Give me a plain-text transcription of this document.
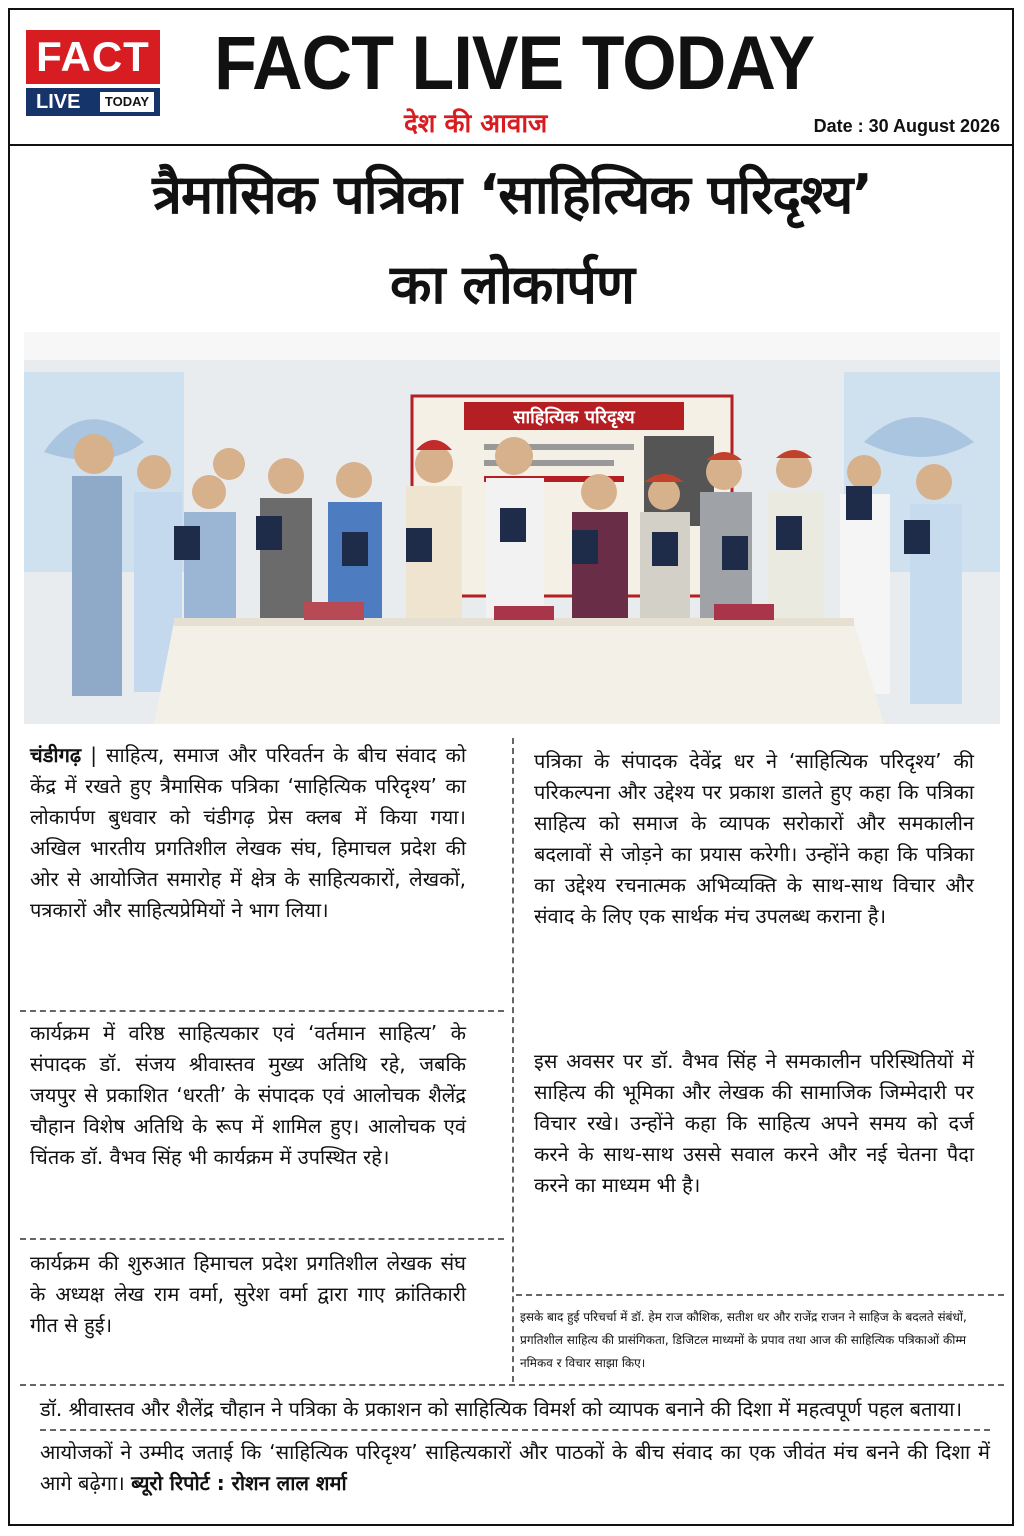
FACT
LIVE	TODAY FACT LIVE TODAY
देश की आवाज	Date : 30 August 2026
त्रैमासिक पत्रिका ‘साहित्यिक परिदृश्य’
का लोकार्पण
साहित्यिक परिदृश्य

चंडीगढ़ | साहित्य, समाज और परिवर्तन के बीच संवाद को केंद्र में रखते हुए त्रैमासिक पत्रिका ‘साहित्यिक परिदृश्य’ का लोकार्पण बुधवार को चंडीगढ़ प्रेस क्लब में किया गया। अखिल भारतीय प्रगतिशील लेखक संघ, हिमाचल प्रदेश की ओर से आयोजित समारोह में क्षेत्र के साहित्यकारों, लेखकों, पत्रकारों और साहित्यप्रेमियों ने भाग लिया।

कार्यक्रम में वरिष्ठ साहित्यकार एवं ‘वर्तमान साहित्य’ के संपादक डॉ. संजय श्रीवास्तव मुख्य अतिथि रहे, जबकि जयपुर से प्रकाशित ‘धरती’ के संपादक एवं आलोचक शैलेंद्र चौहान विशेष अतिथि के रूप में शामिल हुए। आलोचक एवं चिंतक डॉ. वैभव सिंह भी कार्यक्रम में उपस्थित रहे।

कार्यक्रम की शुरुआत हिमाचल प्रदेश प्रगतिशील लेखक संघ के अध्यक्ष लेख राम वर्मा, सुरेश वर्मा द्वारा गाए क्रांतिकारी गीत से हुई।

पत्रिका के संपादक देवेंद्र धर ने ‘साहित्यिक परिदृश्य’ की परिकल्पना और उद्देश्य पर प्रकाश डालते हुए कहा कि पत्रिका साहित्य को समाज के व्यापक सरोकारों और समकालीन बदलावों से जोड़ने का प्रयास करेगी। उन्होंने कहा कि पत्रिका का उद्देश्य रचनात्मक अभिव्यक्ति के साथ-साथ विचार और संवाद के लिए एक सार्थक मंच उपलब्ध कराना है।

इस अवसर पर डॉ. वैभव सिंह ने समकालीन परिस्थितियों में साहित्य की भूमिका और लेखक की सामाजिक जिम्मेदारी पर विचार रखे। उन्होंने कहा कि साहित्य अपने समय को दर्ज करने के साथ-साथ उससे सवाल करने और नई चेतना पैदा करने का माध्यम भी है।

इसके बाद हुई परिचर्चा में डॉ. हेम राज कौशिक, सतीश धर और राजेंद्र राजन ने साहिज के बदलते संबंधों, प्रगतिशील साहित्य की प्रासंगिकता, डिजिटल माध्यमों के प्रपाव तथा आज की साहित्यिक पत्रिकाओं कीम्म नमिकव र विचार साझा किए।

डॉ. श्रीवास्तव और शैलेंद्र चौहान ने पत्रिका के प्रकाशन को साहित्यिक विमर्श को व्यापक बनाने की दिशा में महत्वपूर्ण पहल बताया।

आयोजकों ने उम्मीद जताई कि ‘साहित्यिक परिदृश्य’ साहित्यकारों और पाठकों के बीच संवाद का एक जीवंत मंच बनने की दिशा में आगे बढ़ेगा। ब्यूरो रिपोर्ट : रोशन लाल शर्मा
